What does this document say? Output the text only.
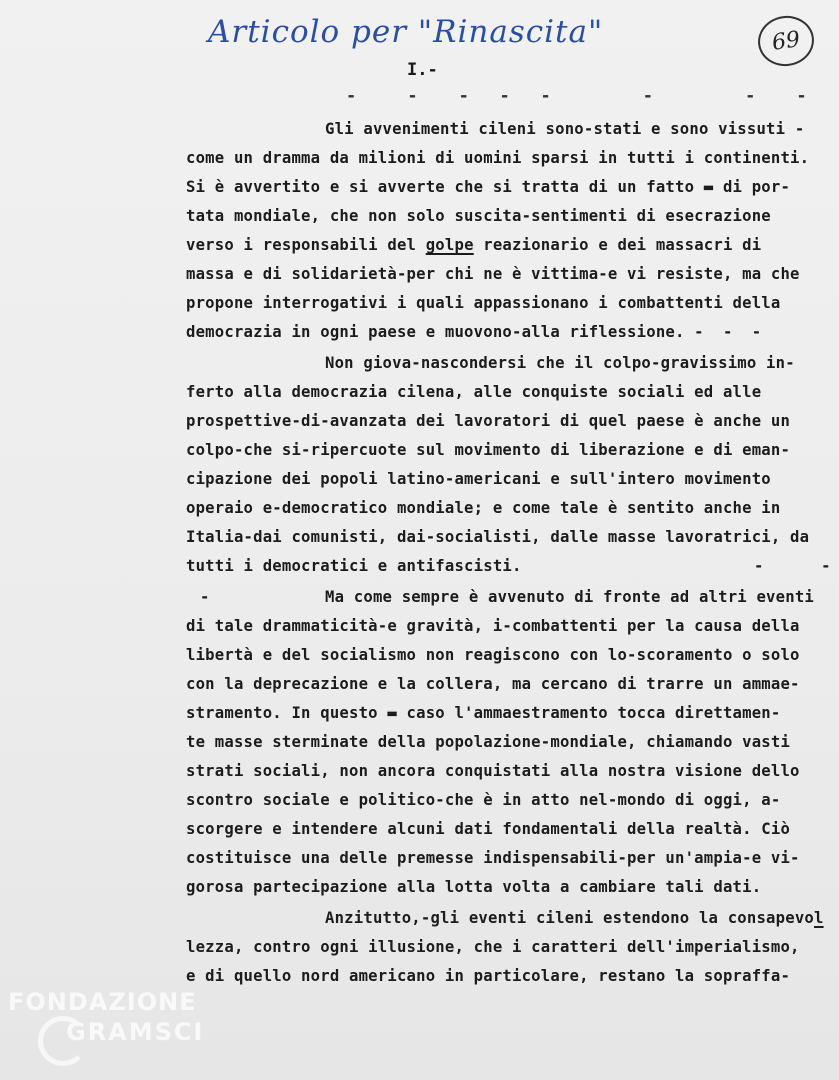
Articolo per "Rinascita"	69
I.-
-     -    -   -   -         -         -    -
Gli avvenimenti cileni sono-stati e sono vissuti -
come un dramma da milioni di uomini sparsi in tutti i continenti.
Si è avvertito e si avverte che si tratta di un fatto ▬ di por-
tata mondiale, che non solo suscita-sentimenti di esecrazione
verso i responsabili del golpe reazionario e dei massacri di
massa e di solidarietà-per chi ne è vittima-e vi resiste, ma che
propone interrogativi i quali appassionano i combattenti della
democrazia in ogni paese e muovono-alla riflessione. -  -  -
Non giova-nascondersi che il colpo-gravissimo in-
ferto alla democrazia cilena, alle conquiste sociali ed alle
prospettive-di-avanzata dei lavoratori di quel paese è anche un
colpo-che si-ripercuote sul movimento di liberazione e di eman-
cipazione dei popoli latino-americani e sull'intero movimento
operaio e-democratico mondiale; e come tale è sentito anche in
Italia-dai comunisti, dai-socialisti, dalle masse lavoratrici, da
tutti i democratici e antifascisti.	-      -
-	Ma come sempre è avvenuto di fronte ad altri eventi
di tale drammaticità-e gravità, i-combattenti per la causa della
libertà e del socialismo non reagiscono con lo-scoramento o solo
con la deprecazione e la collera, ma cercano di trarre un ammae-
stramento. In questo ▬ caso l'ammaestramento tocca direttamen-
te masse sterminate della popolazione-mondiale, chiamando vasti
strati sociali, non ancora conquistati alla nostra visione dello
scontro sociale e politico-che è in atto nel-mondo di oggi, a-
scorgere e intendere alcuni dati fondamentali della realtà. Ciò
costituisce una delle premesse indispensabili-per un'ampia-e vi-
gorosa partecipazione alla lotta volta a cambiare tali dati.
Anzitutto,-gli eventi cileni estendono la consapevol
lezza, contro ogni illusione, che i caratteri dell'imperialismo,
e di quello nord americano in particolare, restano la sopraffa-
FONDAZIONE
GRAMSCI
